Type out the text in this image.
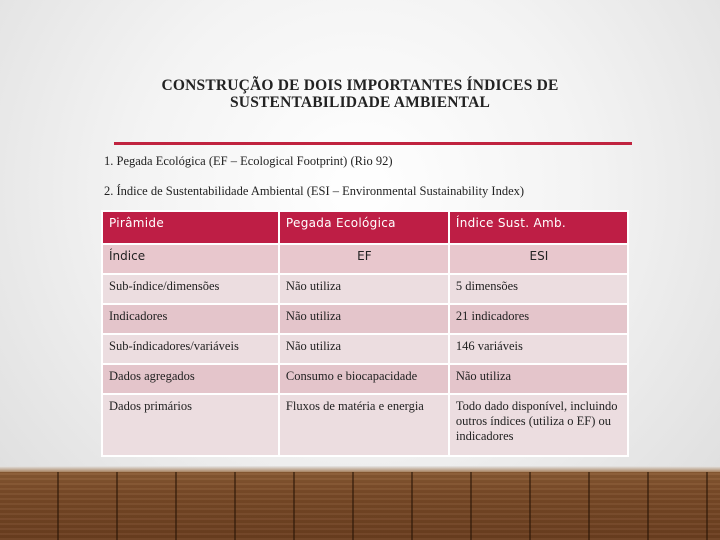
CONSTRUÇÃO DE DOIS IMPORTANTES ÍNDICES DE
SUSTENTABILIDADE AMBIENTAL
1. Pegada Ecológica (EF – Ecological Footprint) (Rio 92)
2. Índice de Sustentabilidade Ambiental (ESI – Environmental Sustainability Index)
Pirâmide	Pegada Ecológica	Índice Sust. Amb.
Índice	EF	ESI
Sub-índice/dimensões	Não utiliza	5 dimensões
Indicadores	Não utiliza	21 indicadores
Sub-índicadores/variáveis	Não utiliza	146 variáveis
Dados agregados	Consumo e biocapacidade	Não utiliza
Dados primários	Fluxos de matéria e energia	Todo dado disponível, incluindo outros índices (utiliza o EF) ou indicadores
